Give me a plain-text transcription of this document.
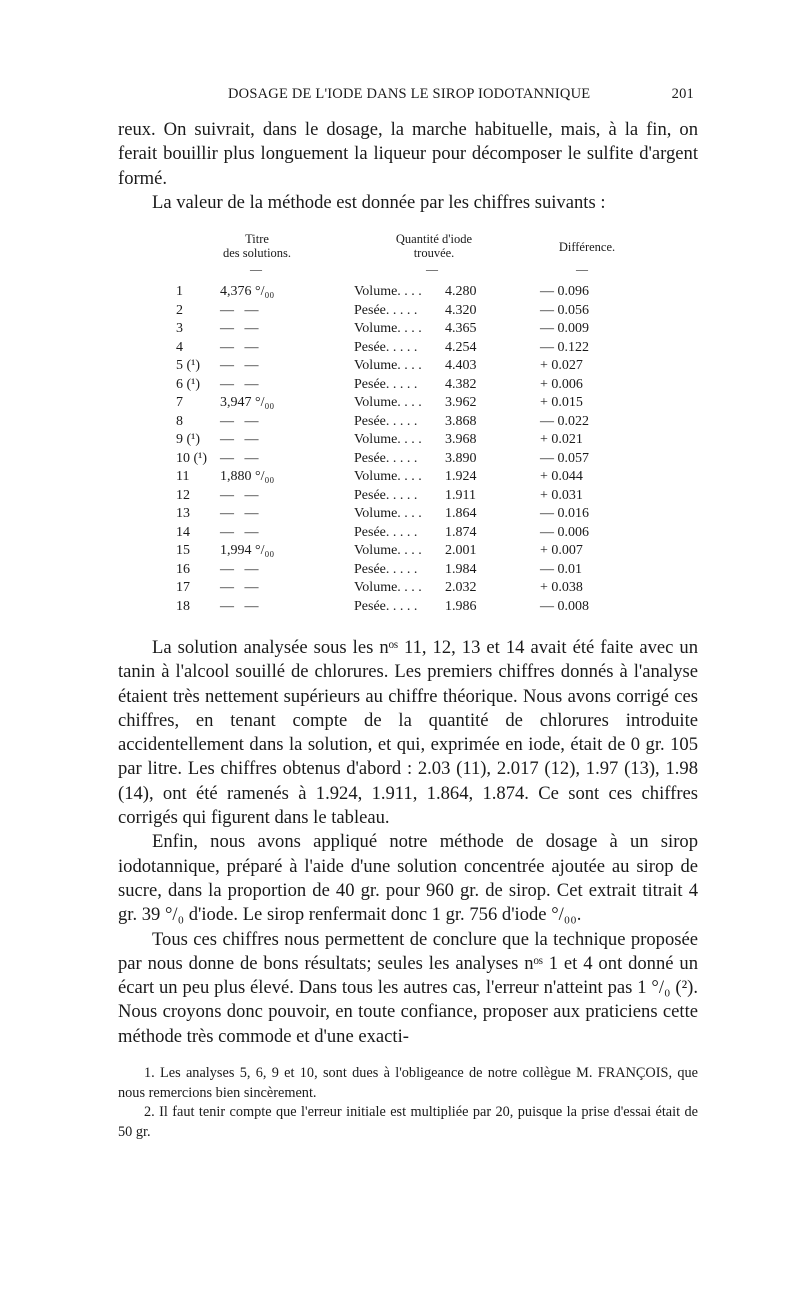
DOSAGE DE L'IODE DANS LE SIROP IODOTANNIQUE	201

reux. On suivrait, dans le dosage, la marche habituelle, mais, à la fin, on ferait bouillir plus longuement la liqueur pour décomposer le sulfite d'argent formé.

La valeur de la méthode est donnée par les chiffres suivants :

Titre
des solutions.
Quantité d'iode
trouvée.	Différence.
—	—	—
1	4,376 °/₀₀	Volume. . . . 4.280	— 0.096
2	—   —	Pesée. . . . . 4.320	— 0.056
3	—   —	Volume. . . . 4.365	— 0.009
4	—   —	Pesée. . . . . 4.254	— 0.122
5 (¹) —   —	Volume. . . . 4.403	+ 0.027
6 (¹) —   —	Pesée. . . . . 4.382	+ 0.006
7	3,947 °/₀₀	Volume. . . . 3.962	+ 0.015
8	—   —	Pesée. . . . . 3.868	— 0.022
9 (¹) —   —	Volume. . . . 3.968	+ 0.021
10 (¹) —   —	Pesée. . . . . 3.890	— 0.057
11 1,880 °/₀₀	Volume. . . . 1.924	+ 0.044
12 —   —	Pesée. . . . . 1.911	+ 0.031
13 —   —	Volume. . . . 1.864	— 0.016
14 —   —	Pesée. . . . . 1.874	— 0.006
15 1,994 °/₀₀	Volume. . . . 2.001	+ 0.007
16 —   —	Pesée. . . . . 1.984	— 0.01
17 —   —	Volume. . . . 2.032	+ 0.038
18 —   —	Pesée. . . . . 1.986	— 0.008

La solution analysée sous les nᵒˢ 11, 12, 13 et 14 avait été faite avec un tanin à l'alcool souillé de chlorures. Les premiers chiffres donnés à l'analyse étaient très nettement supérieurs au chiffre théorique. Nous avons corrigé ces chiffres, en tenant compte de la quantité de chlorures introduite accidentellement dans la solution, et qui, exprimée en iode, était de 0 gr. 105 par litre. Les chiffres obtenus d'abord : 2.03 (11), 2.017 (12), 1.97 (13), 1.98 (14), ont été ramenés à 1.924, 1.911, 1.864, 1.874. Ce sont ces chiffres corrigés qui figurent dans le tableau.

Enfin, nous avons appliqué notre méthode de dosage à un sirop iodotannique, préparé à l'aide d'une solution concentrée ajoutée au sirop de sucre, dans la proportion de 40 gr. pour 960 gr. de sirop. Cet extrait titrait 4 gr. 39 °/₀ d'iode. Le sirop renfermait donc 1 gr. 756 d'iode °/₀₀.

Tous ces chiffres nous permettent de conclure que la technique proposée par nous donne de bons résultats; seules les analyses nᵒˢ 1 et 4 ont donné un écart un peu plus élevé. Dans tous les autres cas, l'erreur n'atteint pas 1 °/₀ (²). Nous croyons donc pouvoir, en toute confiance, proposer aux praticiens cette méthode très commode et d'une exacti-

1. Les analyses 5, 6, 9 et 10, sont dues à l'obligeance de notre collègue M. FRANÇOIS, que nous remercions bien sincèrement.

2. Il faut tenir compte que l'erreur initiale est multipliée par 20, puisque la prise d'essai était de 50 gr.
